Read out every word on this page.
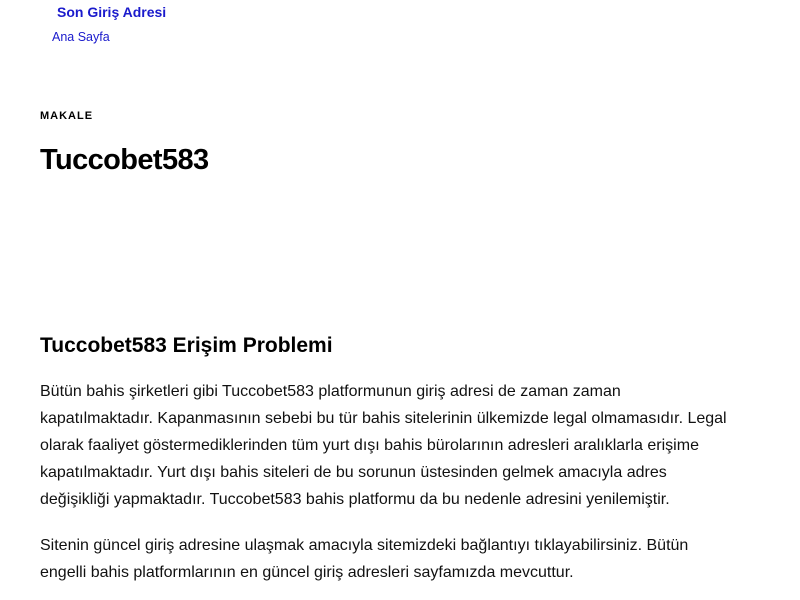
Son Giriş Adresi
Ana Sayfa
MAKALE
Tuccobet583
Tuccobet583 Erişim Problemi

Bütün bahis şirketleri gibi Tuccobet583 platformunun giriş adresi de zaman zaman kapatılmaktadır. Kapanmasının sebebi bu tür bahis sitelerinin ülkemizde legal olmamasıdır. Legal olarak faaliyet göstermediklerinden tüm yurt dışı bahis bürolarının adresleri aralıklarla erişime kapatılmaktadır. Yurt dışı bahis siteleri de bu sorunun üstesinden gelmek amacıyla adres değişikliği yapmaktadır. Tuccobet583 bahis platformu da bu nedenle adresini yenilemiştir.

Sitenin güncel giriş adresine ulaşmak amacıyla sitemizdeki bağlantıyı tıklayabilirsiniz. Bütün engelli bahis platformlarının en güncel giriş adresleri sayfamızda mevcuttur.
